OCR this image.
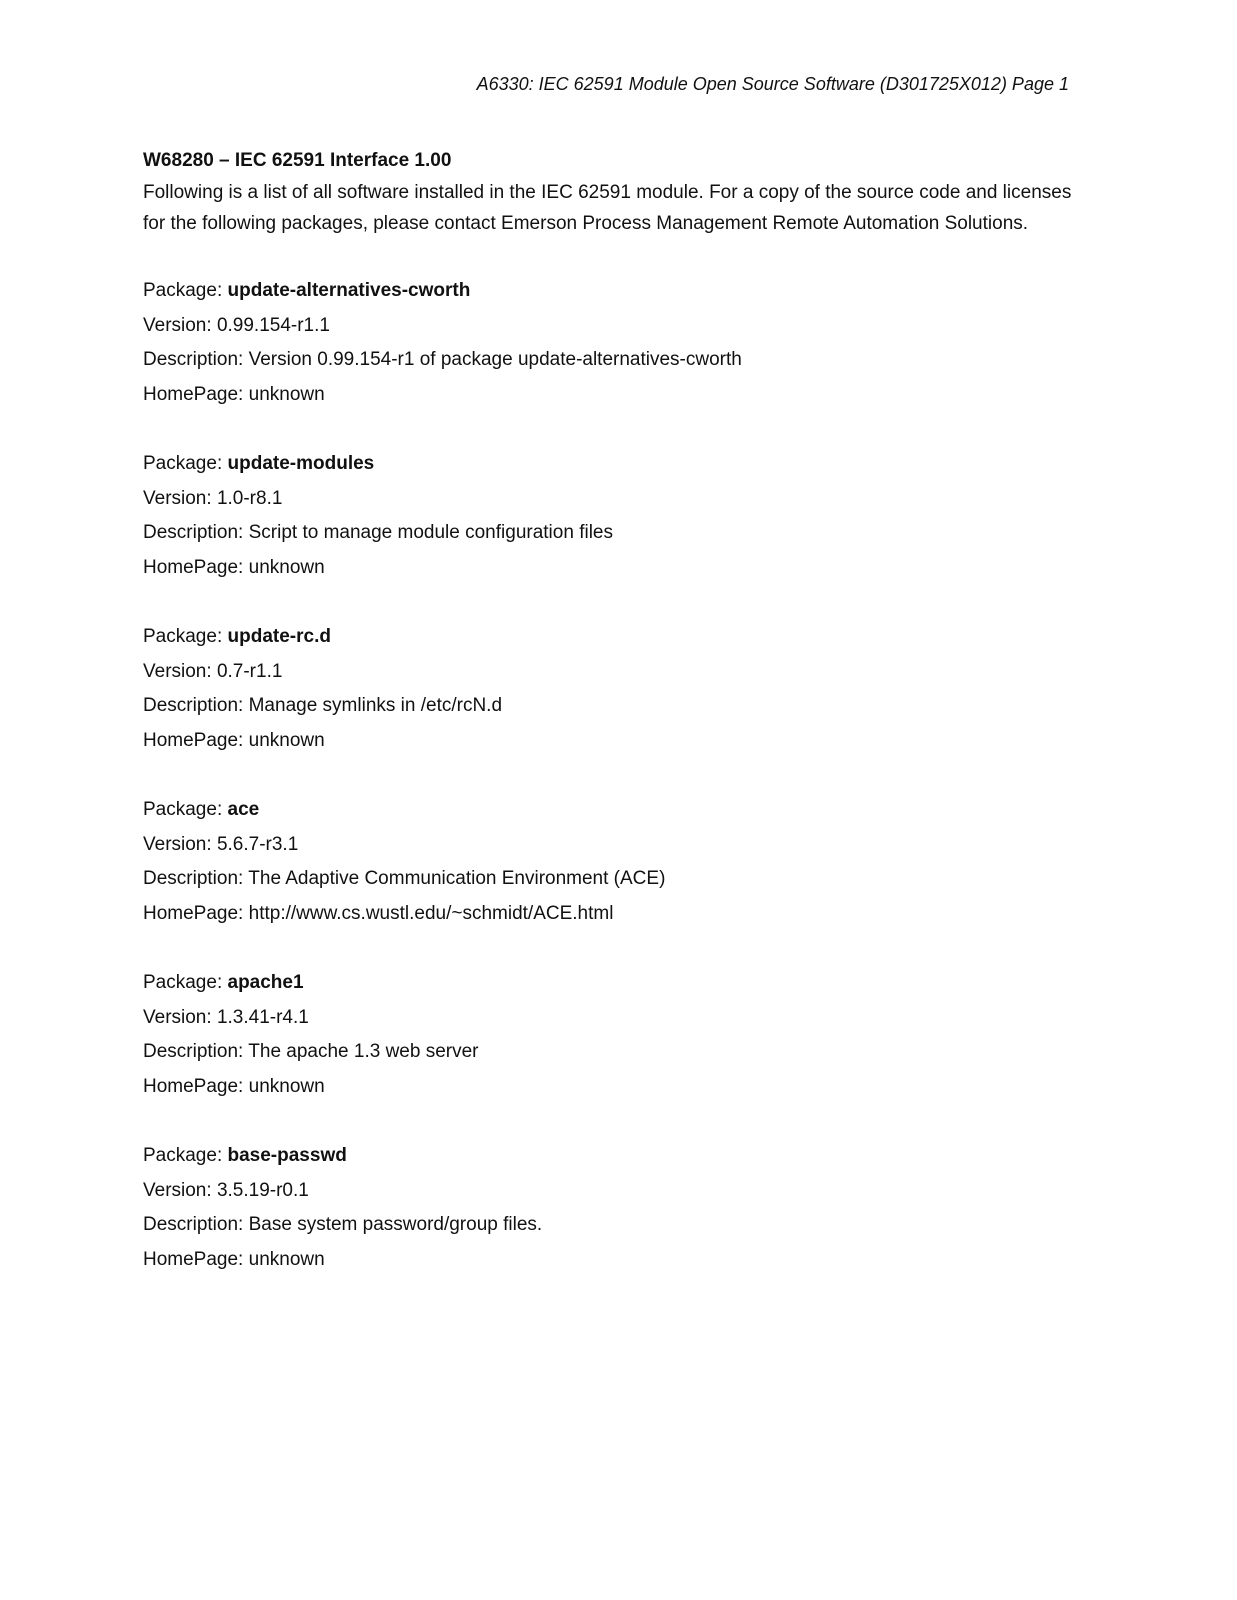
A6330: IEC 62591 Module Open Source Software (D301725X012) Page 1

W68280 – IEC 62591 Interface 1.00

Following is a list of all software installed in the IEC 62591 module. For a copy of the source code and licenses for the following packages, please contact Emerson Process Management Remote Automation Solutions.

Package: update-alternatives-cworth
Version: 0.99.154-r1.1
Description: Version 0.99.154-r1 of package update-alternatives-cworth
HomePage: unknown
Package: update-modules
Version: 1.0-r8.1
Description: Script to manage module configuration files
HomePage: unknown
Package: update-rc.d
Version: 0.7-r1.1
Description: Manage symlinks in /etc/rcN.d
HomePage: unknown
Package: ace
Version: 5.6.7-r3.1
Description: The Adaptive Communication Environment (ACE)
HomePage: http://www.cs.wustl.edu/~schmidt/ACE.html
Package: apache1
Version: 1.3.41-r4.1
Description: The apache 1.3 web server
HomePage: unknown
Package: base-passwd
Version: 3.5.19-r0.1
Description: Base system password/group files.
HomePage: unknown
